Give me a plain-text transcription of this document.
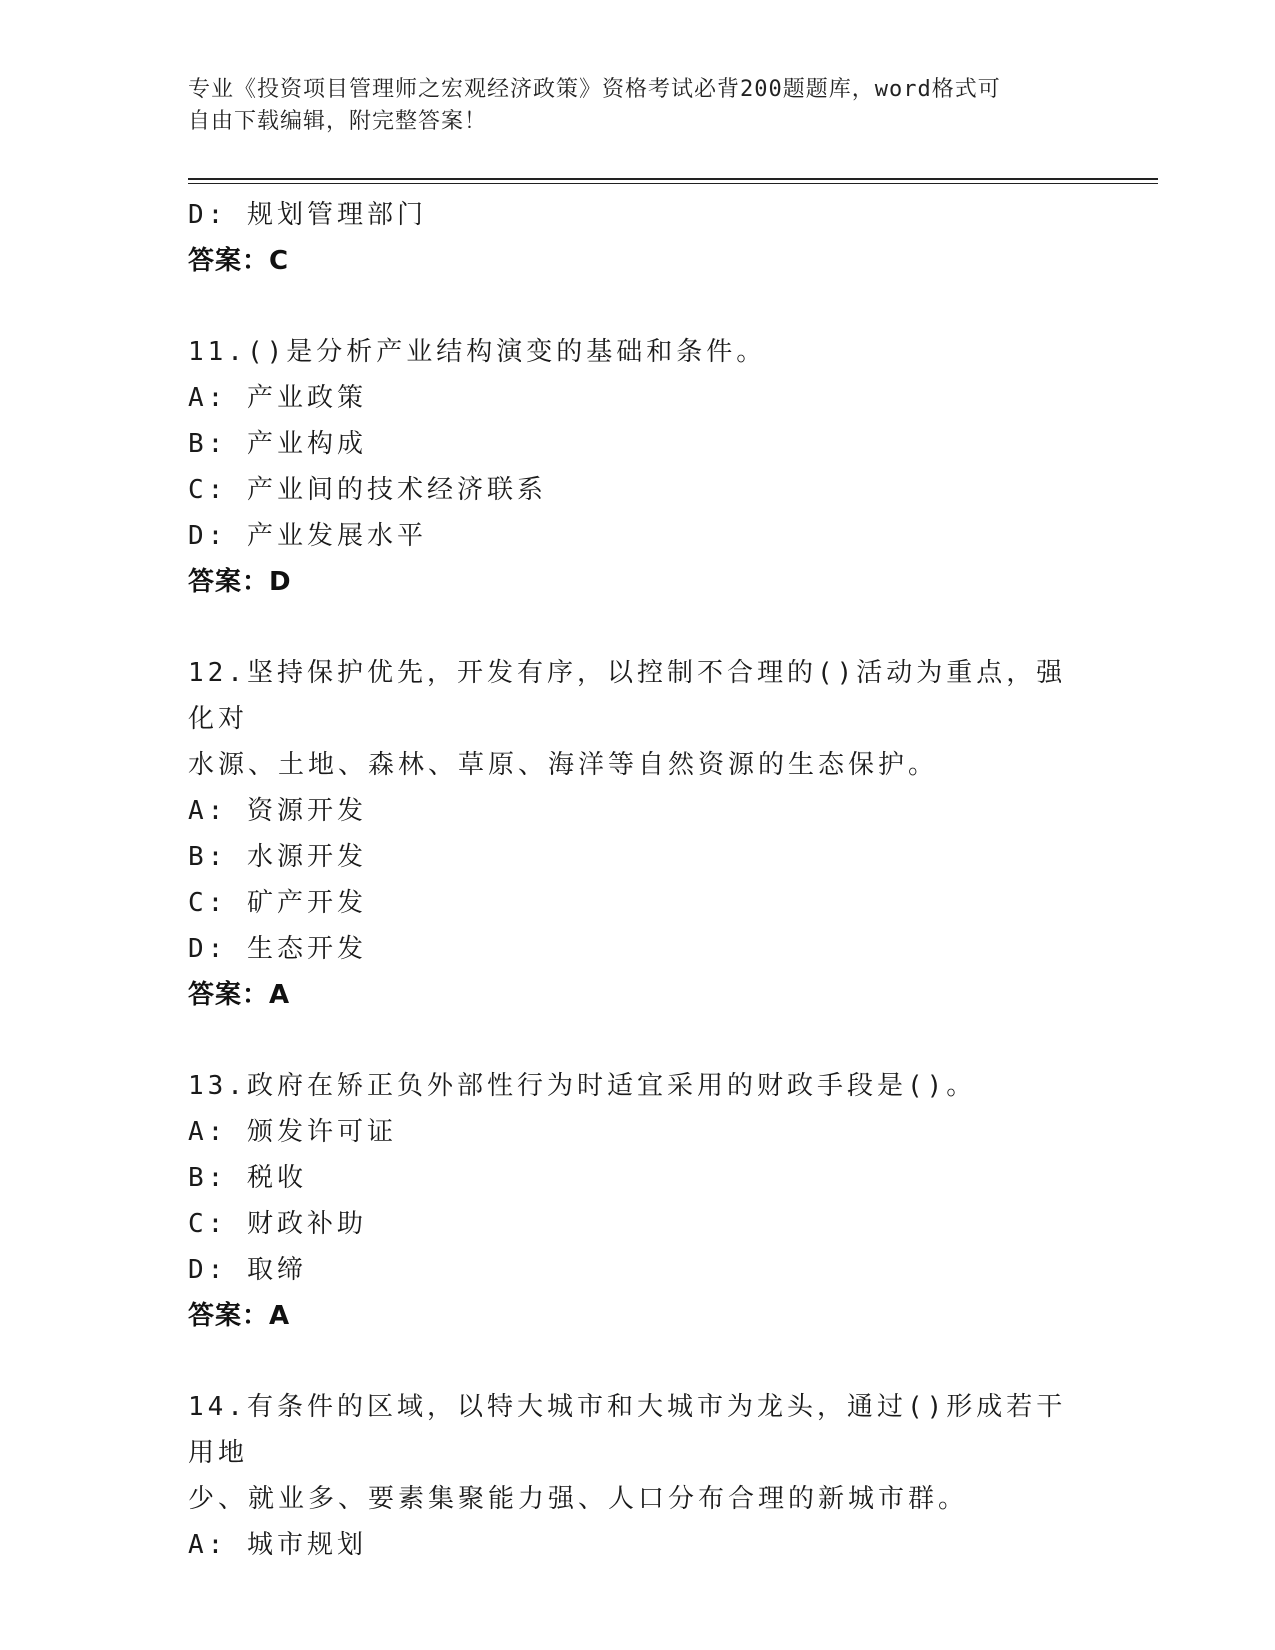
专业《投资项目管理师之宏观经济政策》资格考试必背200题题库，word格式可
自由下载编辑，附完整答案！
D: 规划管理部门
答案：C
11.()是分析产业结构演变的基础和条件。
A: 产业政策
B: 产业构成
C: 产业间的技术经济联系
D: 产业发展水平
答案：D
12.坚持保护优先，开发有序，以控制不合理的()活动为重点，强化对
水源、土地、森林、草原、海洋等自然资源的生态保护。
A: 资源开发
B: 水源开发
C: 矿产开发
D: 生态开发
答案：A
13.政府在矫正负外部性行为时适宜采用的财政手段是()。
A: 颁发许可证
B: 税收
C: 财政补助
D: 取缔
答案：A
14.有条件的区域，以特大城市和大城市为龙头，通过()形成若干用地
少、就业多、要素集聚能力强、人口分布合理的新城市群。
A: 城市规划
